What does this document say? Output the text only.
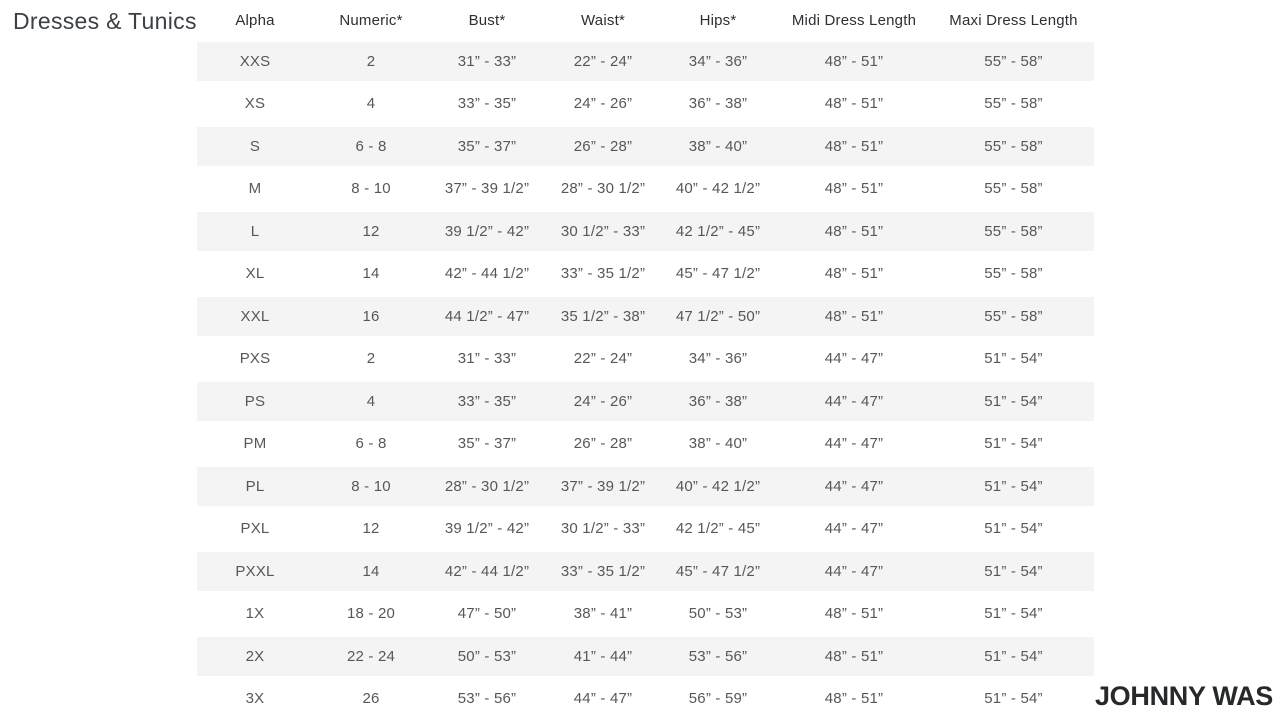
Dresses & Tunics	Alpha	Numeric*	Bust*	Waist*	Hips*	Midi Dress Length	Maxi Dress Length
XXS	2	31” - 33”	22” - 24”	34” - 36”	48” - 51”	55” - 58”
XS	4	33” - 35”	24” - 26”	36” - 38”	48” - 51”	55” - 58”
S	6 - 8	35” - 37”	26” - 28”	38” - 40”	48” - 51”	55” - 58”
M	8 - 10	37” - 39 1/2”	28” - 30 1/2”	40” - 42 1/2”	48” - 51”	55” - 58”
L	12	39 1/2” - 42”	30 1/2” - 33”	42 1/2” - 45”	48” - 51”	55” - 58”
XL	14	42” - 44 1/2”	33” - 35 1/2”	45” - 47 1/2”	48” - 51”	55” - 58”
XXL	16	44 1/2” - 47”	35 1/2” - 38”	47 1/2” - 50”	48” - 51”	55” - 58”
PXS	2	31” - 33”	22” - 24”	34” - 36”	44” - 47”	51” - 54”
PS	4	33” - 35”	24” - 26”	36” - 38”	44” - 47”	51” - 54”
PM	6 - 8	35” - 37”	26” - 28”	38” - 40”	44” - 47”	51” - 54”
PL	8 - 10	28” - 30 1/2”	37” - 39 1/2”	40” - 42 1/2”	44” - 47”	51” - 54”
PXL	12	39 1/2” - 42”	30 1/2” - 33”	42 1/2” - 45”	44” - 47”	51” - 54”
PXXL	14	42” - 44 1/2”	33” - 35 1/2”	45” - 47 1/2”	44” - 47”	51” - 54”
1X	18 - 20	47” - 50”	38” - 41”	50” - 53”	48” - 51”	51” - 54”
2X	22 - 24	50” - 53”	41” - 44”	53” - 56”	48” - 51”	51” - 54”
3X	26	53” - 56”	44” - 47”	56” - 59”	48” - 51”	51” - 54” JOHNNY WAS
